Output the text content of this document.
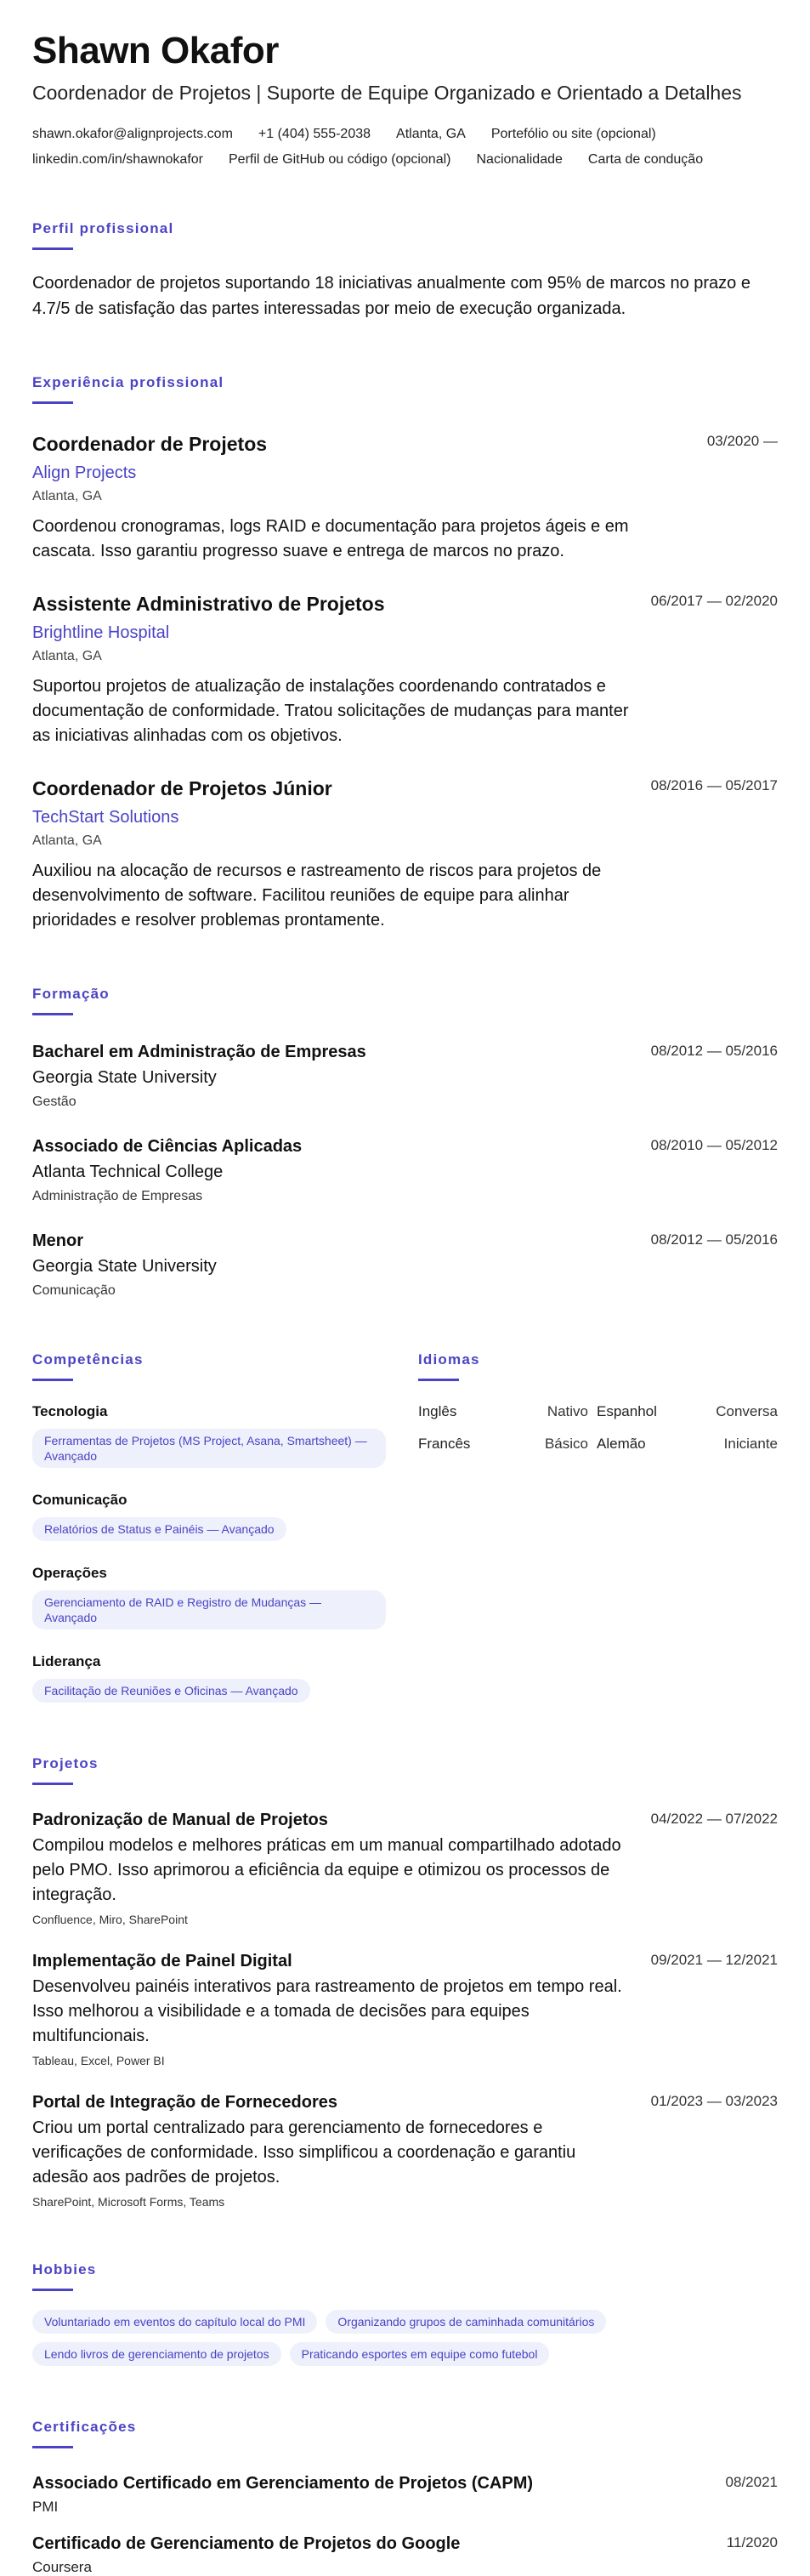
Shawn Okafor
Coordenador de Projetos | Suporte de Equipe Organizado e Orientado a Detalhes
shawn.okafor@alignprojects.com +1 (404) 555-2038 Atlanta, GA Portefólio ou site (opcional)
linkedin.com/in/shawnokafor Perfil de GitHub ou código (opcional) Nacionalidade Carta de condução
Perfil profissional
Coordenador de projetos suportando 18 iniciativas anualmente com 95% de marcos no prazo e 4.7/5 de satisfação das partes interessadas por meio de execução organizada.
Experiência profissional
Coordenador de Projetos	03/2020 —
Align Projects
Atlanta, GA
Coordenou cronogramas, logs RAID e documentação para projetos ágeis e em cascata. Isso garantiu progresso suave e entrega de marcos no prazo.
Assistente Administrativo de Projetos	06/2017 — 02/2020
Brightline Hospital
Atlanta, GA
Suportou projetos de atualização de instalações coordenando contratados e documentação de conformidade. Tratou solicitações de mudanças para manter as iniciativas alinhadas com os objetivos.
Coordenador de Projetos Júnior	08/2016 — 05/2017
TechStart Solutions
Atlanta, GA
Auxiliou na alocação de recursos e rastreamento de riscos para projetos de desenvolvimento de software. Facilitou reuniões de equipe para alinhar prioridades e resolver problemas prontamente.
Formação
Bacharel em Administração de Empresas	08/2012 — 05/2016
Georgia State University
Gestão
Associado de Ciências Aplicadas	08/2010 — 05/2012
Atlanta Technical College
Administração de Empresas
Menor	08/2012 — 05/2016
Georgia State University
Comunicação
Competências
Tecnologia
Ferramentas de Projetos (MS Project, Asana, Smartsheet) — Avançado
Comunicação
Relatórios de Status e Painéis — Avançado
Operações
Gerenciamento de RAID e Registro de Mudanças — Avançado
Liderança
Facilitação de Reuniões e Oficinas — Avançado
Idiomas
Inglês	Nativo Espanhol	Conversa
Francês	Básico Alemão	Iniciante
Projetos
Padronização de Manual de Projetos	04/2022 — 07/2022
Compilou modelos e melhores práticas em um manual compartilhado adotado pelo PMO. Isso aprimorou a eficiência da equipe e otimizou os processos de integração.
Confluence, Miro, SharePoint
Implementação de Painel Digital	09/2021 — 12/2021
Desenvolveu painéis interativos para rastreamento de projetos em tempo real. Isso melhorou a visibilidade e a tomada de decisões para equipes multifuncionais.
Tableau, Excel, Power BI
Portal de Integração de Fornecedores	01/2023 — 03/2023
Criou um portal centralizado para gerenciamento de fornecedores e verificações de conformidade. Isso simplificou a coordenação e garantiu adesão aos padrões de projetos.
SharePoint, Microsoft Forms, Teams
Hobbies
Voluntariado em eventos do capítulo local do PMI	Organizando grupos de caminhada comunitários
Lendo livros de gerenciamento de projetos	Praticando esportes em equipe como futebol
Certificações
Associado Certificado em Gerenciamento de Projetos (CAPM)	08/2021
PMI
Certificado de Gerenciamento de Projetos do Google	11/2020
Coursera
